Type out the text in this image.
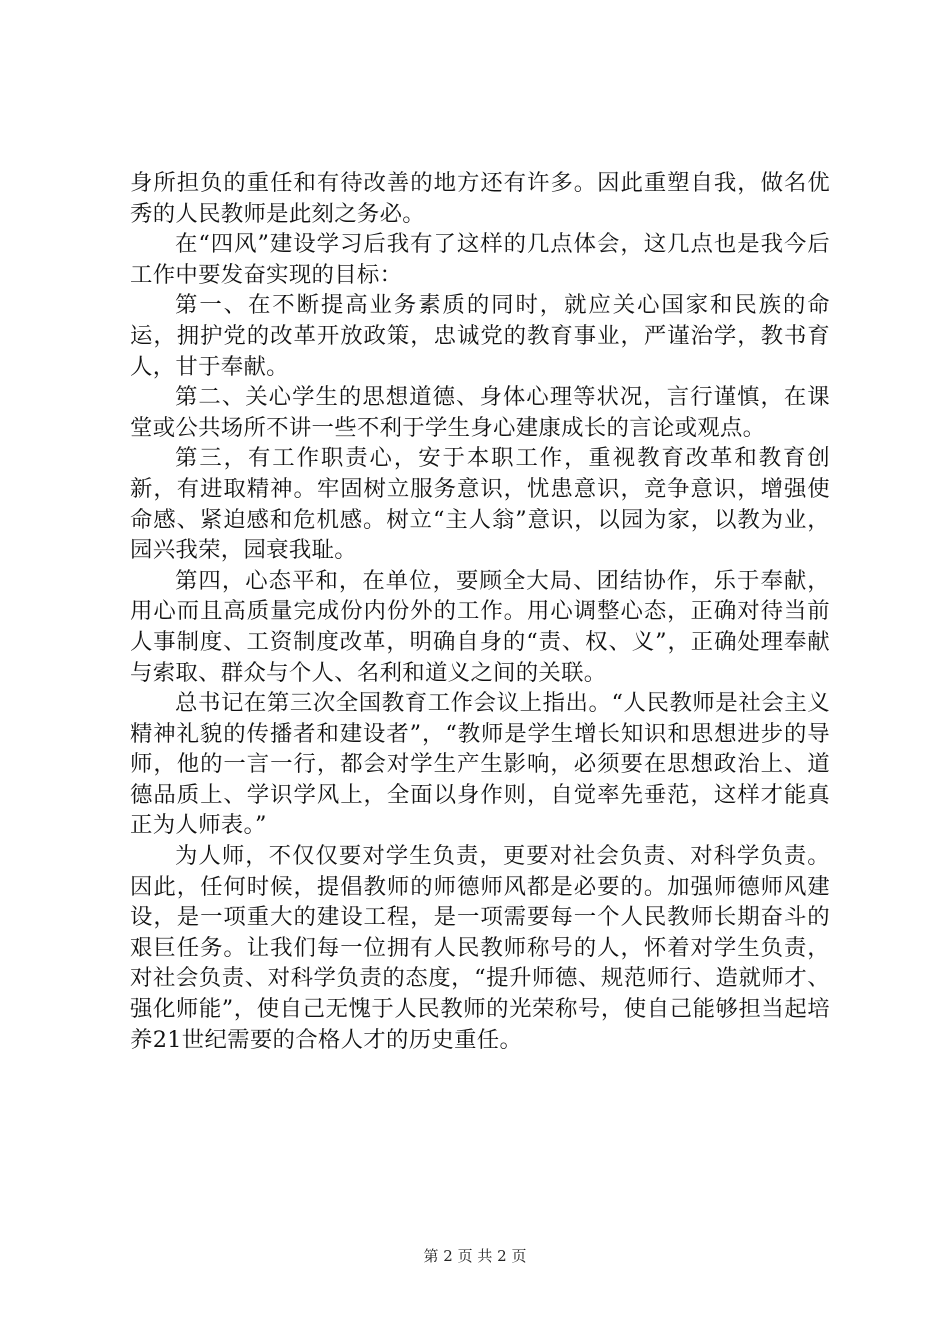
身所担负的重任和有待改善的地方还有许多。因此重塑自我，做名优秀的人民教师是此刻之务必。

在“四风”建设学习后我有了这样的几点体会，这几点也是我今后工作中要发奋实现的目标：

第一、在不断提高业务素质的同时，就应关心国家和民族的命运，拥护党的改革开放政策，忠诚党的教育事业，严谨治学，教书育人，甘于奉献。

第二、关心学生的思想道德、身体心理等状况，言行谨慎，在课堂或公共场所不讲一些不利于学生身心建康成长的言论或观点。

第三，有工作职责心，安于本职工作，重视教育改革和教育创新，有进取精神。牢固树立服务意识，忧患意识，竞争意识，增强使命感、紧迫感和危机感。树立“主人翁”意识，以园为家，以教为业，园兴我荣，园衰我耻。

第四，心态平和，在单位，要顾全大局、团结协作，乐于奉献，用心而且高质量完成份内份外的工作。用心调整心态，正确对待当前人事制度、工资制度改革，明确自身的“责、权、义”，正确处理奉献与索取、群众与个人、名利和道义之间的关联。

总书记在第三次全国教育工作会议上指出。“人民教师是社会主义精神礼貌的传播者和建设者”，“教师是学生增长知识和思想进步的导师，他的一言一行，都会对学生产生影响，必须要在思想政治上、道德品质上、学识学风上，全面以身作则，自觉率先垂范，这样才能真正为人师表。”

为人师，不仅仅要对学生负责，更要对社会负责、对科学负责。因此，任何时候，提倡教师的师德师风都是必要的。加强师德师风建设，是一项重大的建设工程，是一项需要每一个人民教师长期奋斗的艰巨任务。让我们每一位拥有人民教师称号的人，怀着对学生负责，对社会负责、对科学负责的态度，“提升师德、规范师行、造就师才、强化师能”，使自己无愧于人民教师的光荣称号，使自己能够担当起培养21世纪需要的合格人才的历史重任。

第 2 页 共 2 页
